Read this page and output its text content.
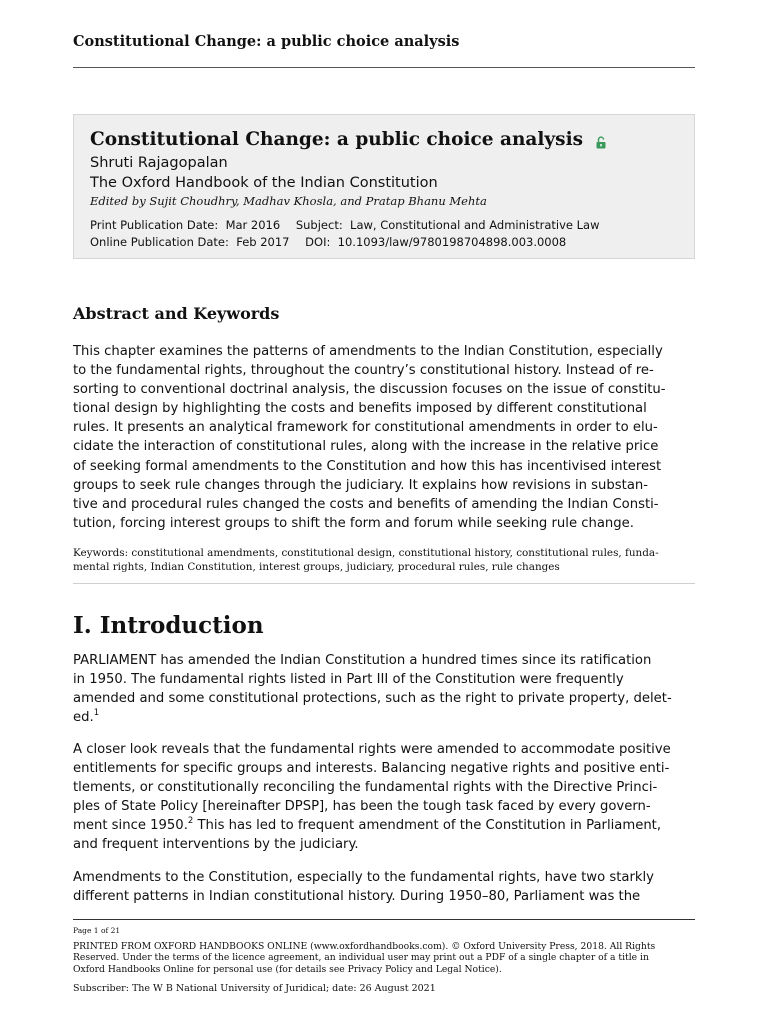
Constitutional Change: a public choice analysis
Constitutional Change: a public choice analysis
Shruti Rajagopalan
The Oxford Handbook of the Indian Constitution
Edited by Sujit Choudhry, Madhav Khosla, and Pratap Bhanu Mehta
Print Publication Date: Mar 2016 Subject: Law, Constitutional and Administrative Law
Online Publication Date: Feb 2017 DOI: 10.1093/law/9780198704898.003.0008
Abstract and Keywords
This chapter examines the patterns of amendments to the Indian Constitution, especially
to the fundamental rights, throughout the country’s constitutional history. Instead of re-
sorting to conventional doctrinal analysis, the discussion focuses on the issue of constitu-
tional design by highlighting the costs and benefits imposed by different constitutional
rules. It presents an analytical framework for constitutional amendments in order to elu-
cidate the interaction of constitutional rules, along with the increase in the relative price
of seeking formal amendments to the Constitution and how this has incentivised interest
groups to seek rule changes through the judiciary. It explains how revisions in substan-
tive and procedural rules changed the costs and benefits of amending the Indian Consti-
tution, forcing interest groups to shift the form and forum while seeking rule change.
Keywords: constitutional amendments, constitutional design, constitutional history, constitutional rules, funda-
mental rights, Indian Constitution, interest groups, judiciary, procedural rules, rule changes
I. Introduction
PARLIAMENT has amended the Indian Constitution a hundred times since its ratification
in 1950. The fundamental rights listed in Part III of the Constitution were frequently
amended and some constitutional protections, such as the right to private property, delet-
ed.$^1$
A closer look reveals that the fundamental rights were amended to accommodate positive
entitlements for specific groups and interests. Balancing negative rights and positive enti-
tlements, or constitutionally reconciling the fundamental rights with the Directive Princi-
ples of State Policy [hereinafter DPSP], has been the tough task faced by every govern-
ment since 1950.$^2$ This has led to frequent amendment of the Constitution in Parliament,
and frequent interventions by the judiciary.
Amendments to the Constitution, especially to the fundamental rights, have two starkly
different patterns in Indian constitutional history. During 1950–80, Parliament was the
Page 1 of 21
PRINTED FROM OXFORD HANDBOOKS ONLINE (www.oxfordhandbooks.com). © Oxford University Press, 2018. All Rights
Reserved. Under the terms of the licence agreement, an individual user may print out a PDF of a single chapter of a title in
Oxford Handbooks Online for personal use (for details see Privacy Policy and Legal Notice).
Subscriber: The W B National University of Juridical; date: 26 August 2021
